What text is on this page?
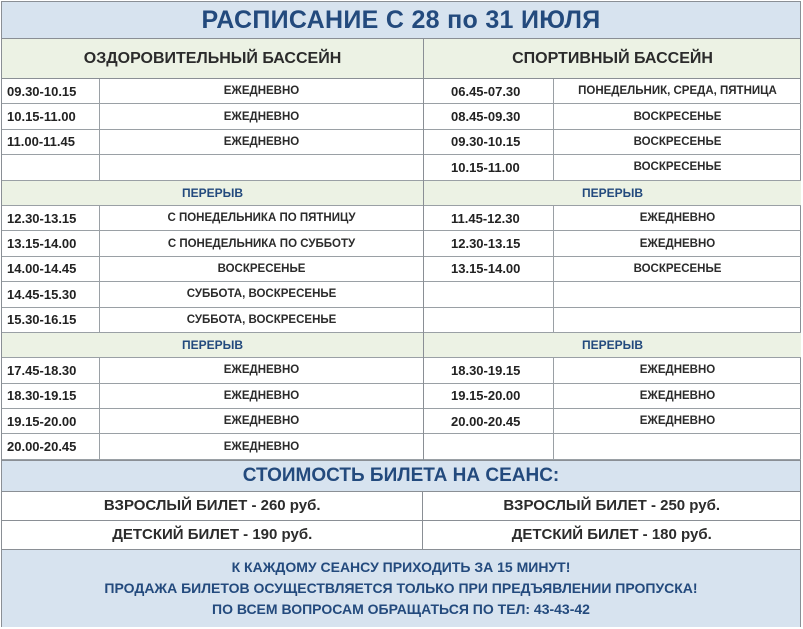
РАСПИСАНИЕ С 28 по 31 ИЮЛЯ
ОЗДОРОВИТЕЛЬНЫЙ БАССЕЙН	СПОРТИВНЫЙ БАССЕЙН
09.30-10.15	ЕЖЕДНЕВНО
10.15-11.00	ЕЖЕДНЕВНО
11.00-11.45	ЕЖЕДНЕВНО
ПЕРЕРЫВ
12.30-13.15	С ПОНЕДЕЛЬНИКА ПО ПЯТНИЦУ
13.15-14.00	С ПОНЕДЕЛЬНИКА ПО СУББОТУ
14.00-14.45	ВОСКРЕСЕНЬЕ
14.45-15.30	СУББОТА, ВОСКРЕСЕНЬЕ
15.30-16.15	СУББОТА, ВОСКРЕСЕНЬЕ
ПЕРЕРЫВ
17.45-18.30	ЕЖЕДНЕВНО
18.30-19.15	ЕЖЕДНЕВНО
19.15-20.00	ЕЖЕДНЕВНО
20.00-20.45	ЕЖЕДНЕВНО
06.45-07.30	ПОНЕДЕЛЬНИК, СРЕДА, ПЯТНИЦА
08.45-09.30	ВОСКРЕСЕНЬЕ
09.30-10.15	ВОСКРЕСЕНЬЕ
10.15-11.00	ВОСКРЕСЕНЬЕ
ПЕРЕРЫВ
11.45-12.30	ЕЖЕДНЕВНО
12.30-13.15	ЕЖЕДНЕВНО
13.15-14.00	ВОСКРЕСЕНЬЕ
ПЕРЕРЫВ
18.30-19.15	ЕЖЕДНЕВНО
19.15-20.00	ЕЖЕДНЕВНО
20.00-20.45	ЕЖЕДНЕВНО
СТОИМОСТЬ БИЛЕТА НА СЕАНС:
ВЗРОСЛЫЙ БИЛЕТ - 260 руб.	ВЗРОСЛЫЙ БИЛЕТ - 250 руб.
ДЕТСКИЙ БИЛЕТ - 190 руб.	ДЕТСКИЙ БИЛЕТ - 180 руб.
К КАЖДОМУ СЕАНСУ ПРИХОДИТЬ ЗА 15 МИНУТ!
ПРОДАЖА БИЛЕТОВ ОСУЩЕСТВЛЯЕТСЯ ТОЛЬКО ПРИ ПРЕДЪЯВЛЕНИИ ПРОПУСКА!
ПО ВСЕМ ВОПРОСАМ ОБРАЩАТЬСЯ ПО ТЕЛ: 43-43-42
